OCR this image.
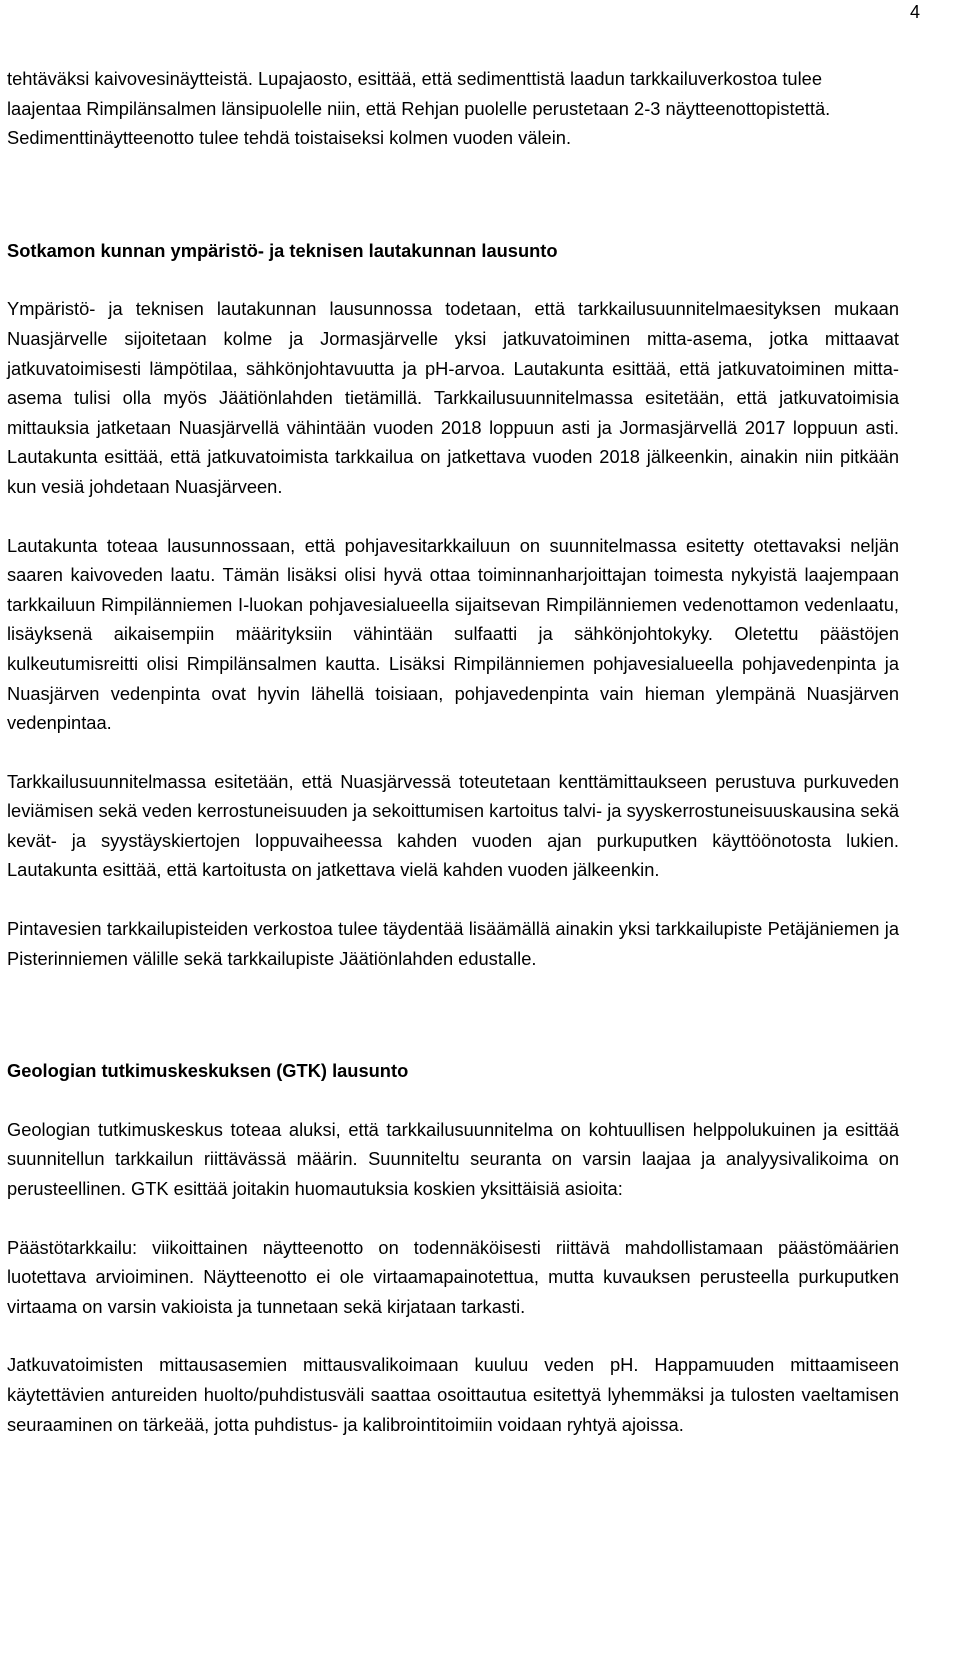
4

tehtäväksi kaivovesinäytteistä. Lupajaosto, esittää, että sedimenttistä laadun tarkkailuverkostoa tulee laajentaa Rimpilänsalmen länsipuolelle niin, että Rehjan puolelle perustetaan 2-3 näytteenottopistettä. Sedimenttinäytteenotto tulee tehdä toistaiseksi kolmen vuoden välein.

Sotkamon kunnan ympäristö- ja teknisen lautakunnan lausunto

Ympäristö- ja teknisen lautakunnan lausunnossa todetaan, että tarkkailusuunnitelmaesityksen mukaan Nuasjärvelle sijoitetaan kolme ja Jormasjärvelle yksi jatkuvatoiminen mitta-asema, jotka mittaavat jatkuvatoimisesti lämpötilaa, sähkönjohtavuutta ja pH-arvoa. Lautakunta esittää, että jatkuvatoiminen mitta-asema tulisi olla myös Jäätiönlahden tietämillä. Tarkkailusuunnitelmassa esitetään, että jatkuvatoimisia mittauksia jatketaan Nuasjärvellä vähintään vuoden 2018 loppuun asti ja Jormasjärvellä 2017 loppuun asti. Lautakunta esittää, että jatkuvatoimista tarkkailua on jatkettava vuoden 2018 jälkeenkin, ainakin niin pitkään kun vesiä johdetaan Nuasjärveen.

Lautakunta toteaa lausunnossaan, että pohjavesitarkkailuun on suunnitelmassa esitetty otettavaksi neljän saaren kaivoveden laatu. Tämän lisäksi olisi hyvä ottaa toiminnanharjoittajan toimesta nykyistä laajempaan tarkkailuun Rimpilänniemen I-luokan pohjavesialueella sijaitsevan Rimpilänniemen vedenottamon vedenlaatu, lisäyksenä aikaisempiin määrityksiin vähintään sulfaatti ja sähkönjohtokyky. Oletettu päästöjen kulkeutumisreitti olisi Rimpilänsalmen kautta. Lisäksi Rimpilänniemen pohjavesialueella pohjavedenpinta ja Nuasjärven vedenpinta ovat hyvin lähellä toisiaan, pohjavedenpinta vain hieman ylempänä Nuasjärven vedenpintaa.

Tarkkailusuunnitelmassa esitetään, että Nuasjärvessä toteutetaan kenttämittaukseen perustuva purkuveden leviämisen sekä veden kerrostuneisuuden ja sekoittumisen kartoitus talvi- ja syyskerrostuneisuuskausina sekä kevät- ja syystäyskiertojen loppuvaiheessa kahden vuoden ajan purkuputken käyttöönotosta lukien. Lautakunta esittää, että kartoitusta on jatkettava vielä kahden vuoden jälkeenkin.

Pintavesien tarkkailupisteiden verkostoa tulee täydentää lisäämällä ainakin yksi tarkkailupiste Petäjäniemen ja Pisterinniemen välille sekä tarkkailupiste Jäätiönlahden edustalle.

Geologian tutkimuskeskuksen (GTK) lausunto

Geologian tutkimuskeskus toteaa aluksi, että tarkkailusuunnitelma on kohtuullisen helppolukuinen ja esittää suunnitellun tarkkailun riittävässä määrin. Suunniteltu seuranta on varsin laajaa ja analyysivalikoima on perusteellinen. GTK esittää joitakin huomautuksia koskien yksittäisiä asioita:

Päästötarkkailu: viikoittainen näytteenotto on todennäköisesti riittävä mahdollistamaan päästömäärien luotettava arvioiminen. Näytteenotto ei ole virtaamapainotettua, mutta kuvauksen perusteella purkuputken virtaama on varsin vakioista ja tunnetaan sekä kirjataan tarkasti.

Jatkuvatoimisten mittausasemien mittausvalikoimaan kuuluu veden pH. Happamuuden mittaamiseen käytettävien antureiden huolto/puhdistusväli saattaa osoittautua esitettyä lyhemmäksi ja tulosten vaeltamisen seuraaminen on tärkeää, jotta puhdistus- ja kalibrointitoimiin voidaan ryhtyä ajoissa.
